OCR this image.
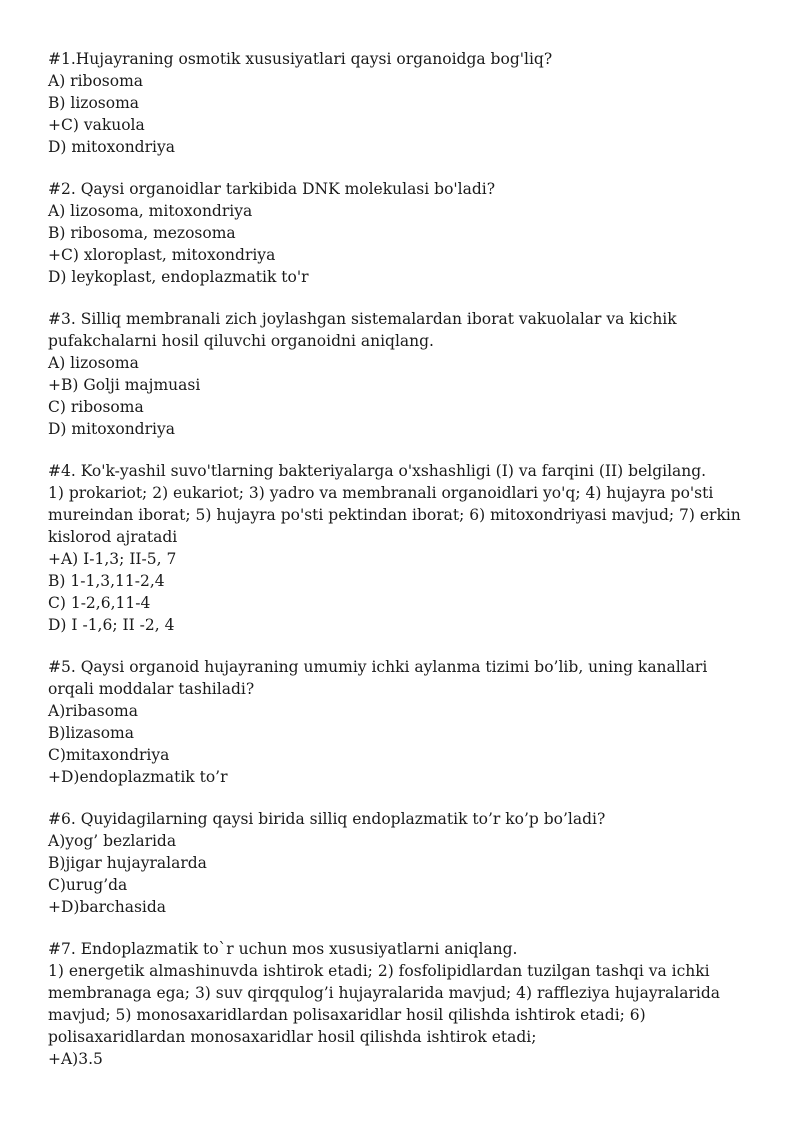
#1.Hujayraning osmotik xususiyatlari qaysi organoidga bog'liq?

A) ribosoma

B) lizosoma

+C) vakuola

D) mitoxondriya

#2. Qaysi organoidlar tarkibida DNK molekulasi bo'ladi?

A) lizosoma, mitoxondriya

B) ribosoma, mezosoma

+C) xloroplast, mitoxondriya

D) leykoplast, endoplazmatik to'r

#3. Silliq membranali zich joylashgan sistemalardan iborat vakuolalar va kichik pufakchalarni hosil qiluvchi organoidni aniqlang.

A) lizosoma

+B) Golji majmuasi

C) ribosoma

D) mitoxondriya

#4. Ko'k-yashil suvo'tlarning bakteriyalarga o'xshashligi (I) va farqini (II) belgilang.

1) prokariot; 2) eukariot; 3) yadro va membranali organoidlari yo'q; 4) hujayra po'sti mureindan iborat; 5) hujayra po'sti pektindan iborat; 6) mitoxondriyasi mavjud; 7) erkin kislorod ajratadi

+A) I-1,3; II-5, 7

B) 1-1,3,11-2,4

C) 1-2,6,11-4

D) I -1,6; II -2, 4

#5. Qaysi organoid hujayraning umumiy ichki aylanma tizimi bo’lib, uning kanallari orqali moddalar tashiladi?

A)ribasoma

B)lizasoma

C)mitaxondriya

+D)endoplazmatik to’r

#6. Quyidagilarning qaysi birida silliq endoplazmatik to’r ko’p bo’ladi?

A)yog’ bezlarida

B)jigar hujayralarda

C)urug’da

+D)barchasida

#7. Endoplazmatik to`r uchun mos xususiyatlarni aniqlang.

1) energetik almashinuvda ishtirok etadi; 2) fosfolipidlardan tuzilgan tashqi va ichki membranaga ega; 3) suv qirqqulog’i hujayralarida mavjud; 4) raffleziya hujayralarida mavjud; 5) monosaxaridlardan polisaxaridlar hosil qilishda ishtirok etadi; 6) polisaxaridlardan monosaxaridlar hosil qilishda ishtirok etadi;

+A)3.5
